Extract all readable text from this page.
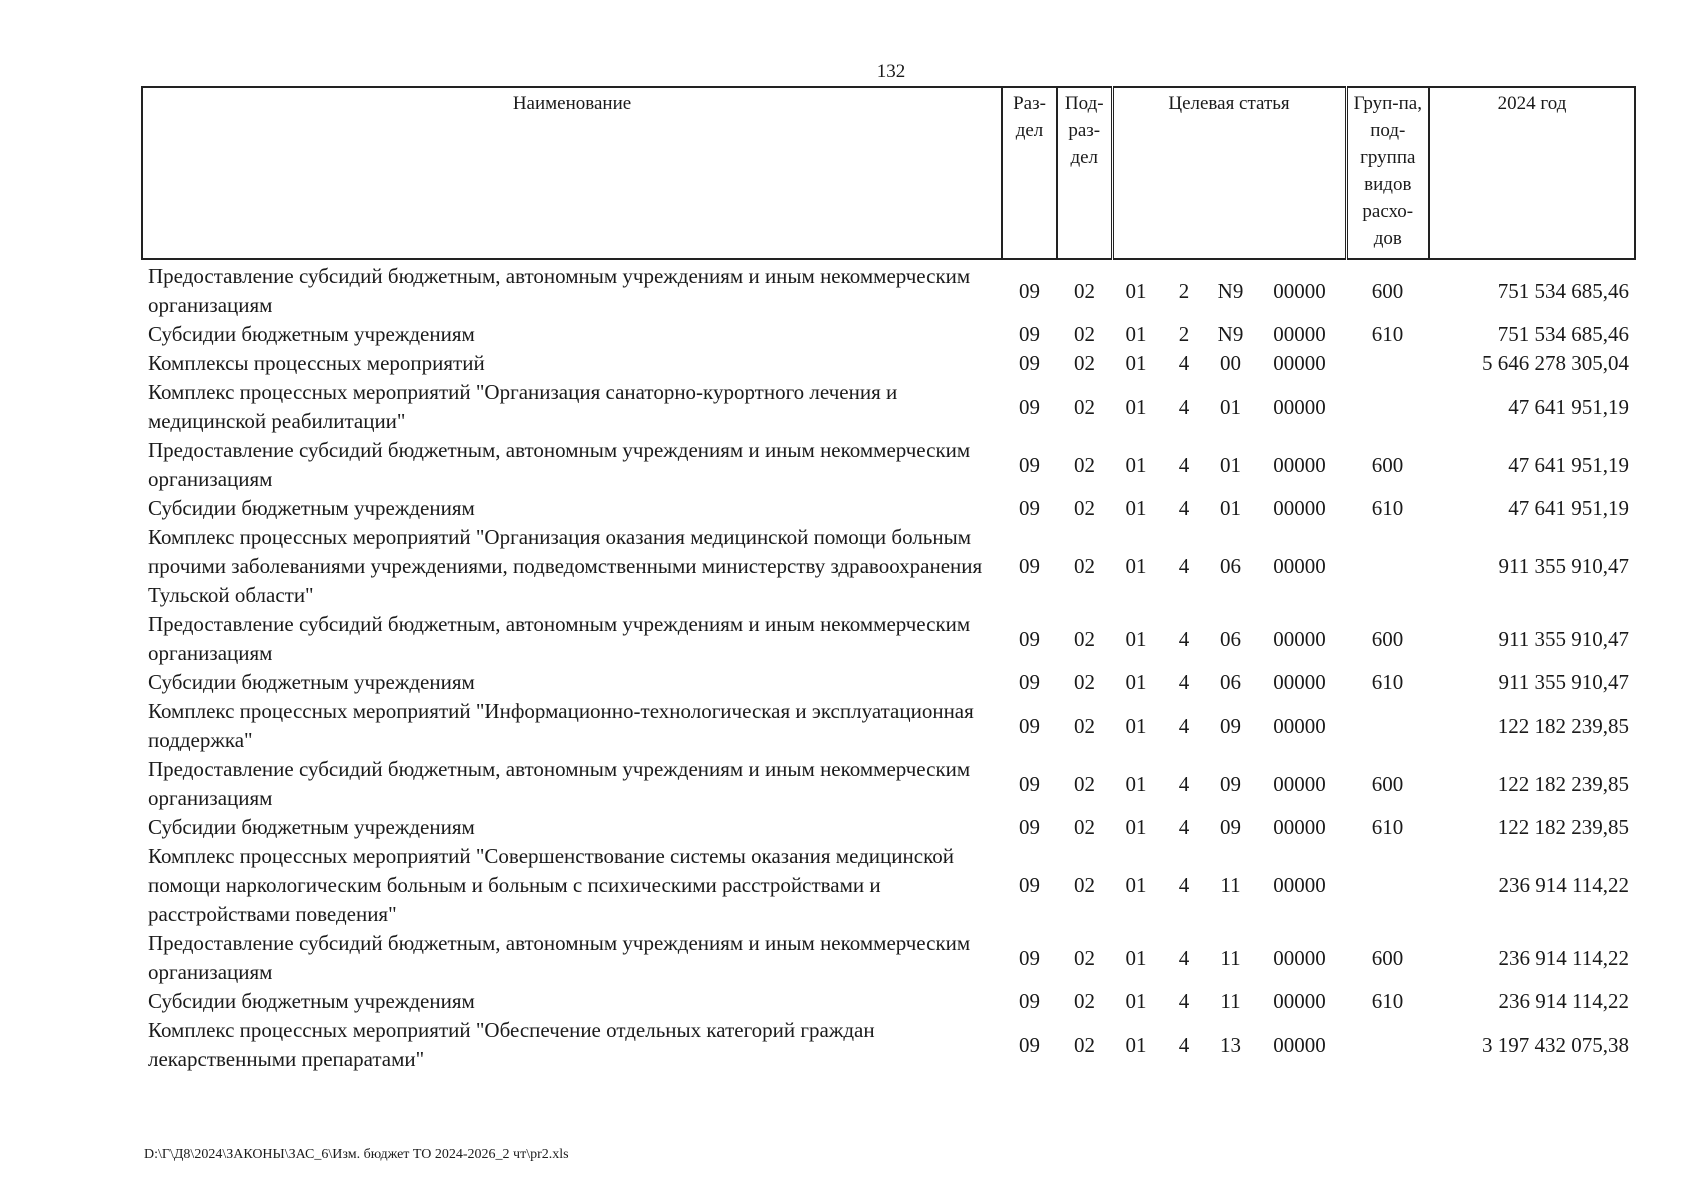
132
Наименование	Раз-дел	Под-раз-дел	Целевая статья				Груп-па, под-группа видов расхо-дов	2024 год
Предоставление субсидий бюджетным, автономным учреждениям и иным некоммерческим организациям	09	02	01	2	N9	00000	600	751 534 685,46
Субсидии бюджетным учреждениям	09	02	01	2	N9	00000	610	751 534 685,46
Комплексы процессных мероприятий	09	02	01	4	00	00000		5 646 278 305,04
Комплекс процессных мероприятий "Организация санаторно-курортного лечения и медицинской реабилитации"	09	02	01	4	01	00000		47 641 951,19
Предоставление субсидий бюджетным, автономным учреждениям и иным некоммерческим организациям	09	02	01	4	01	00000	600	47 641 951,19
Субсидии бюджетным учреждениям	09	02	01	4	01	00000	610	47 641 951,19
Комплекс процессных мероприятий "Организация оказания медицинской помощи больным прочими заболеваниями учреждениями, подведомственными министерству здравоохранения Тульской области"	09	02	01	4	06	00000		911 355 910,47
Предоставление субсидий бюджетным, автономным учреждениям и иным некоммерческим организациям	09	02	01	4	06	00000	600	911 355 910,47
Субсидии бюджетным учреждениям	09	02	01	4	06	00000	610	911 355 910,47
Комплекс процессных мероприятий "Информационно-технологическая и эксплуатационная поддержка"	09	02	01	4	09	00000		122 182 239,85
Предоставление субсидий бюджетным, автономным учреждениям и иным некоммерческим организациям	09	02	01	4	09	00000	600	122 182 239,85
Субсидии бюджетным учреждениям	09	02	01	4	09	00000	610	122 182 239,85
Комплекс процессных мероприятий "Совершенствование системы оказания медицинской помощи наркологическим больным и больным с психическими расстройствами и расстройствами поведения"	09	02	01	4	11	00000		236 914 114,22
Предоставление субсидий бюджетным, автономным учреждениям и иным некоммерческим организациям	09	02	01	4	11	00000	600	236 914 114,22
Субсидии бюджетным учреждениям	09	02	01	4	11	00000	610	236 914 114,22
Комплекс процессных мероприятий "Обеспечение отдельных категорий граждан лекарственными препаратами"	09	02	01	4	13	00000		3 197 432 075,38
D:\Г\Д8\2024\ЗАКОНЫ\ЗАС_6\Изм. бюджет ТО 2024-2026_2 чт\pr2.xls
